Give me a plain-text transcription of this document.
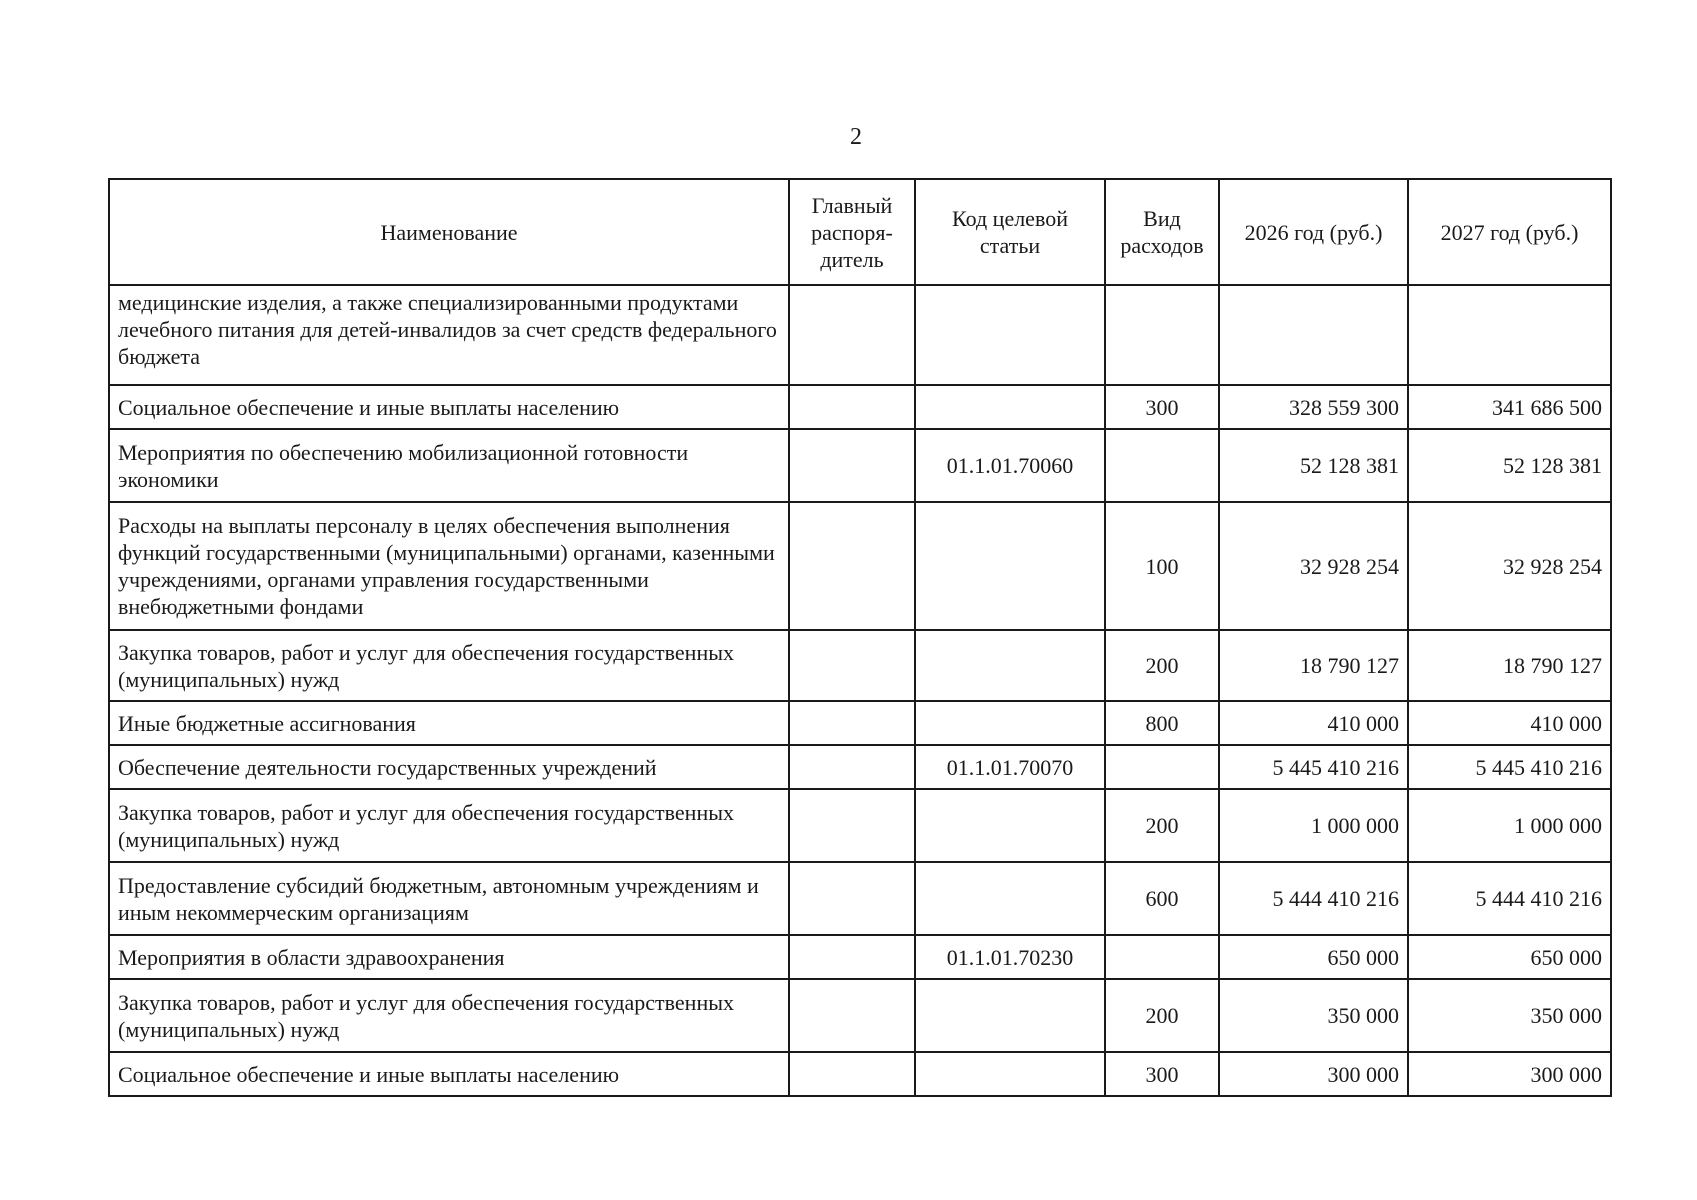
2
Наименование	Главный распоря-дитель	Код целевой статьи	Вид расходов	2026 год (руб.)	2027 год (руб.)
медицинские изделия, а также специализированными продуктами лечебного питания для детей-инвалидов за счет средств федерального бюджета					
Социальное обеспечение и иные выплаты населению			300	328 559 300	341 686 500
Мероприятия по обеспечению мобилизационной готовности экономики		01.1.01.70060		52 128 381	52 128 381
Расходы на выплаты персоналу в целях обеспечения выполнения функций государственными (муниципальными) органами, казенными учреждениями, органами управления государственными внебюджетными фондами			100	32 928 254	32 928 254
Закупка товаров, работ и услуг для обеспечения государственных (муниципальных) нужд			200	18 790 127	18 790 127
Иные бюджетные ассигнования			800	410 000	410 000
Обеспечение деятельности государственных учреждений		01.1.01.70070		5 445 410 216	5 445 410 216
Закупка товаров, работ и услуг для обеспечения государственных (муниципальных) нужд			200	1 000 000	1 000 000
Предоставление субсидий бюджетным, автономным учреждениям и иным некоммерческим организациям			600	5 444 410 216	5 444 410 216
Мероприятия в области здравоохранения		01.1.01.70230		650 000	650 000
Закупка товаров, работ и услуг для обеспечения государственных (муниципальных) нужд			200	350 000	350 000
Социальное обеспечение и иные выплаты населению			300	300 000	300 000
